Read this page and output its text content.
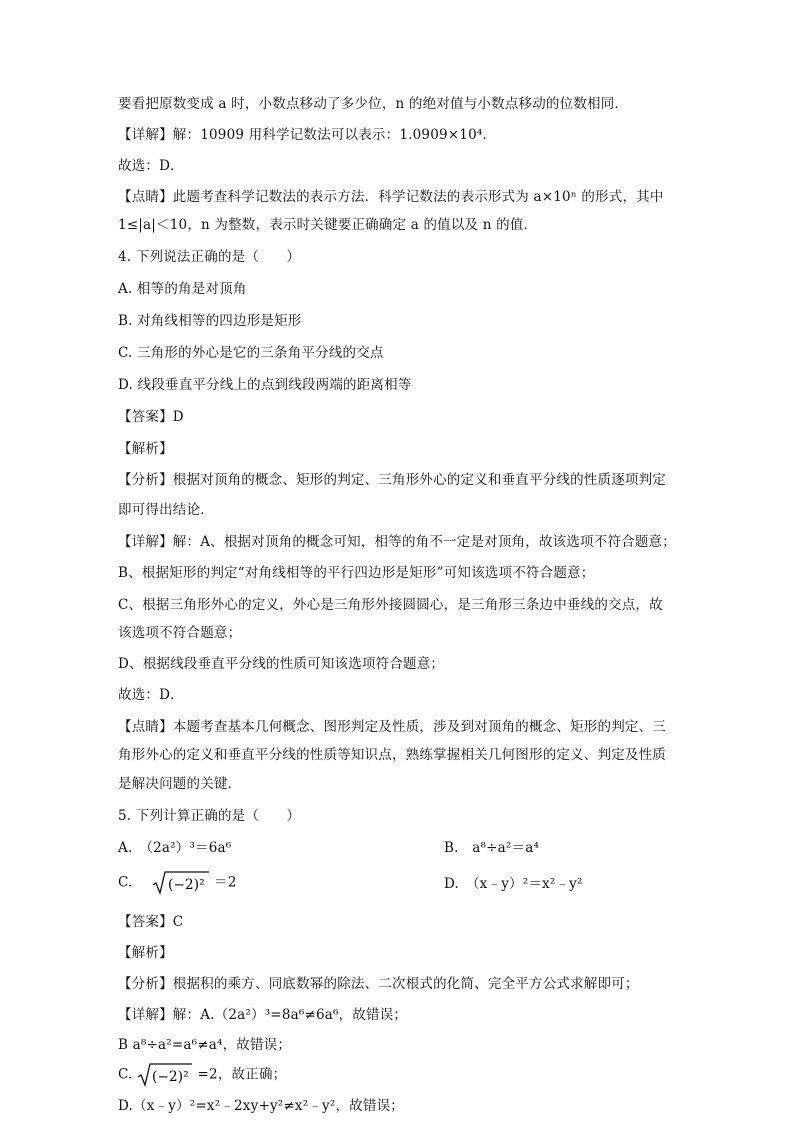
要看把原数变成 a 时，小数点移动了多少位，n 的绝对值与小数点移动的位数相同．
【详解】解：10909 用科学记数法可以表示：1.0909×10⁴．
故选：D．
【点睛】此题考查科学记数法的表示方法．科学记数法的表示形式为 a×10ⁿ 的形式，其中
1≤|a|＜10，n 为整数，表示时关键要正确确定 a 的值以及 n 的值．
4. 下列说法正确的是（　　）
A. 相等的角是对顶角
B. 对角线相等的四边形是矩形
C. 三角形的外心是它的三条角平分线的交点
D. 线段垂直平分线上的点到线段两端的距离相等
【答案】D
【解析】
【分析】根据对顶角的概念、矩形的判定、三角形外心的定义和垂直平分线的性质逐项判定
即可得出结论．
【详解】解：A、根据对顶角的概念可知，相等的角不一定是对顶角，故该选项不符合题意；
B、根据矩形的判定“对角线相等的平行四边形是矩形”可知该选项不符合题意；
C、根据三角形外心的定义，外心是三角形外接圆圆心，是三角形三条边中垂线的交点，故
该选项不符合题意；
D、根据线段垂直平分线的性质可知该选项符合题意；
故选：D．
【点睛】本题考查基本几何概念、图形判定及性质，涉及到对顶角的概念、矩形的判定、三
角形外心的定义和垂直平分线的性质等知识点，熟练掌握相关几何图形的定义、判定及性质
是解决问题的关键．
5. 下列计算正确的是（　　）
A.　（2a²）³＝6a⁶	B.　a⁸÷a²＝a⁴
C.	(−2)² ＝2	D.　（x﹣y）²＝x²﹣y²
【答案】C
【解析】
【分析】根据积的乘方、同底数幂的除法、二次根式的化简、完全平方公式求解即可；
【详解】解：A.（2a²）³=8a⁶≠6a⁶，故错误；
B a⁸÷a²=a⁶≠a⁴，故错误；
C. (−2)² =2，故正确；
D.（x﹣y）²=x²﹣2xy+y²≠x²﹣y²，故错误；
